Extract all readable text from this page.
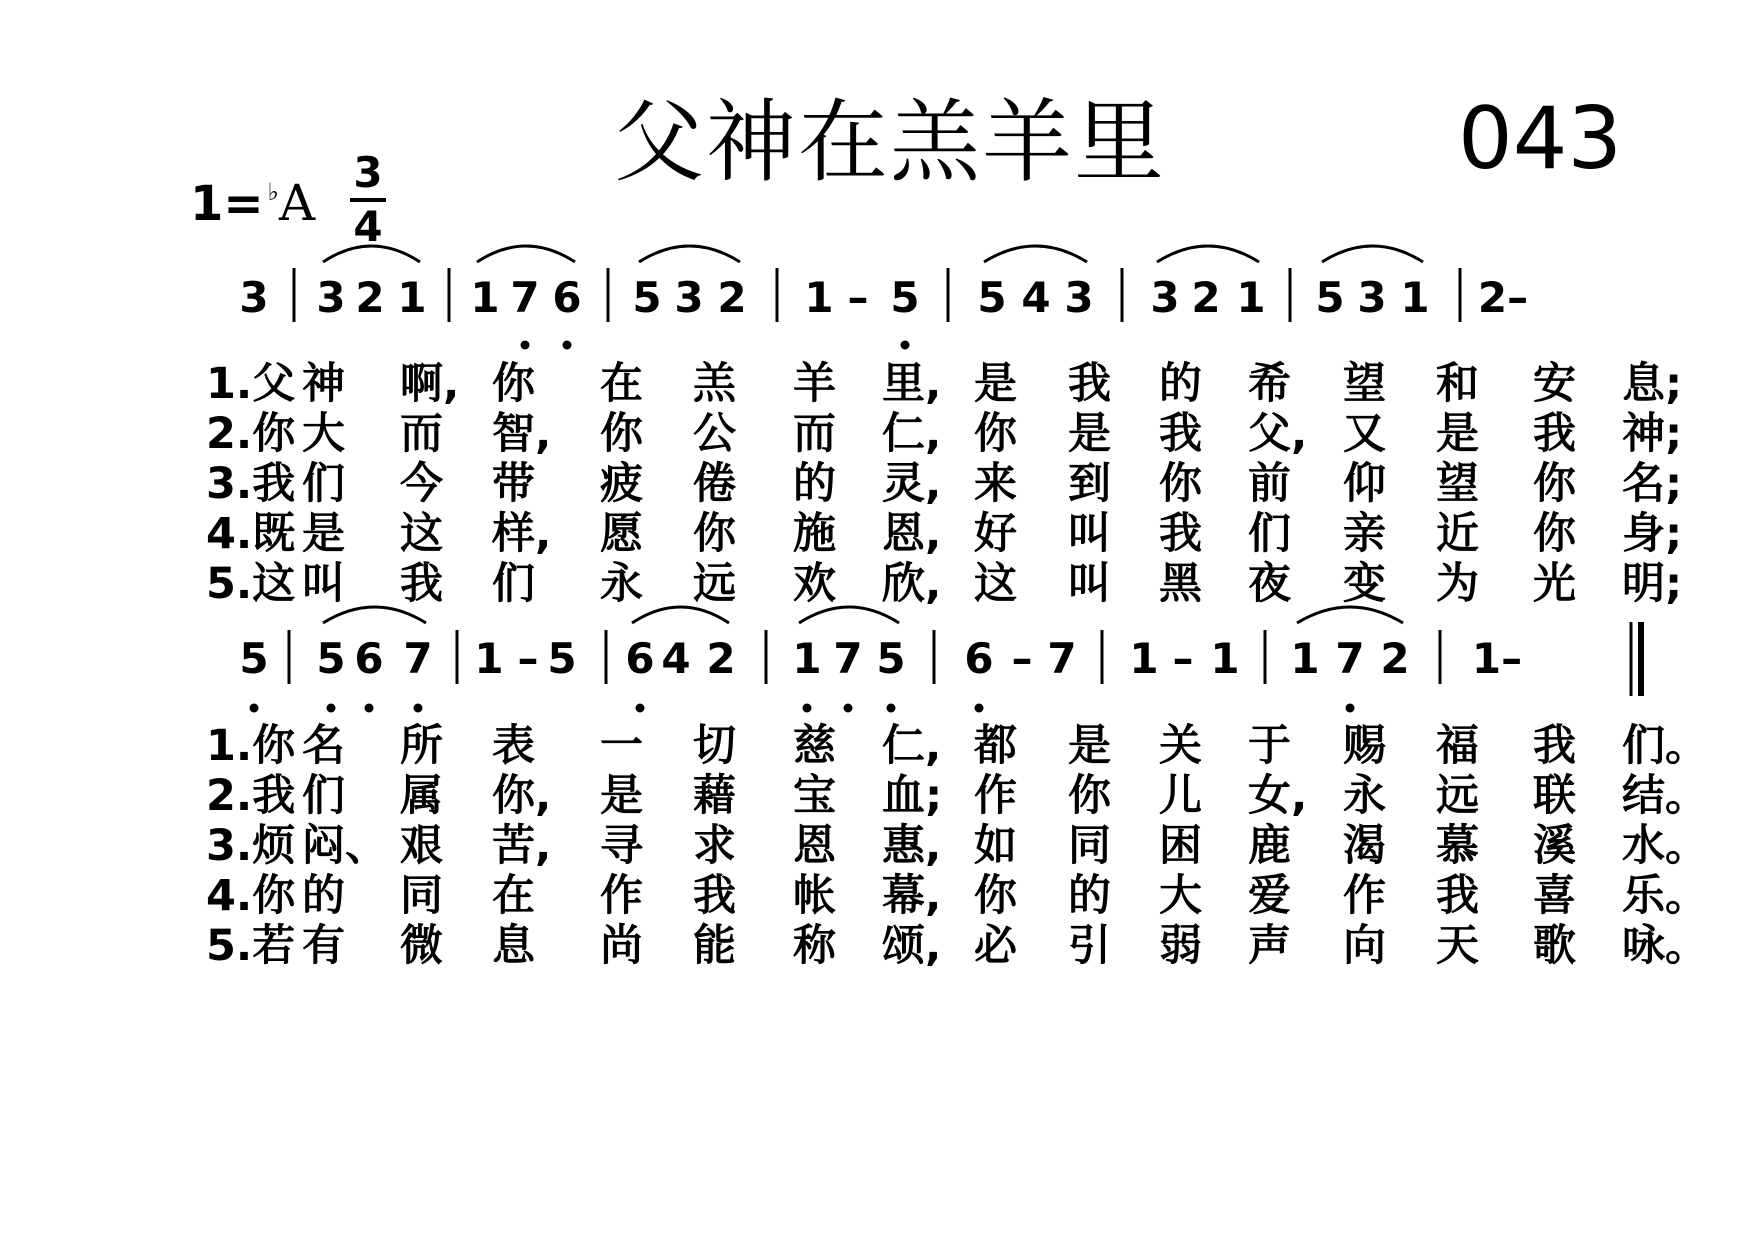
父神在羔羊里	043
1= ♭A
3
4
3 3 2 1 1 7 6 5 3 2 1 – 5 5 4 3 3 2 1 5 3 1 2–
1.父 神 啊, 你 在 羔 羊 里, 是 我 的 希 望 和 安 息;
2.你 大 而 智, 你 公 而 仁, 你 是 我 父, 又 是 我 神;
3.我 们 今 带 疲 倦 的 灵, 来 到 你 前 仰 望 你 名;
4.既 是 这 样, 愿 你 施 恩, 好 叫 我 们 亲 近 你 身;
5.这 叫 我 们 永 远 欢 欣, 这 叫 黑 夜 变 为 光 明;
5 5 6 7 1 – 5 6 4 2 1 7 5 6 – 7 1 – 1 1 7 2 1–
1.你 名 所 表 一 切 慈 仁, 都 是 关 于 赐 福 我 们。
2.我 们 属 你, 是 藉 宝 血; 作 你 儿 女, 永 远 联 结。
3.烦 闷、 艰 苦, 寻 求 恩 惠, 如 同 困 鹿 渴 慕 溪 水。
4.你 的 同 在 作 我 帐 幕, 你 的 大 爱 作 我 喜 乐。
5.若 有 微 息 尚 能 称 颂, 必 引 弱 声 向 天 歌 咏。
